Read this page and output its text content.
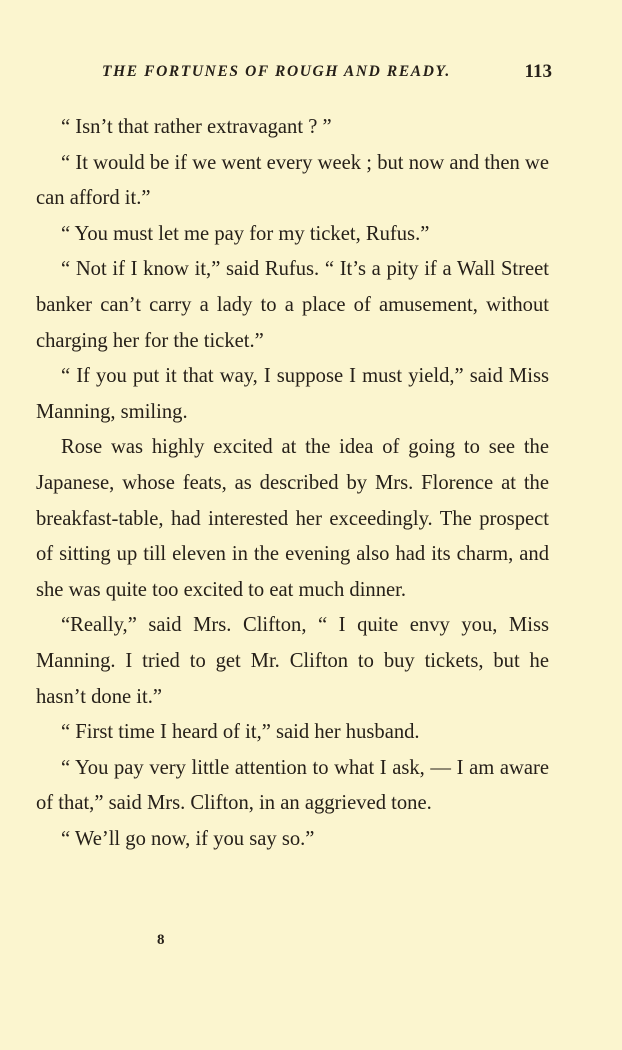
THE FORTUNES OF ROUGH AND READY.	113

“ Isn’t that rather extravagant ? ”

“ It would be if we went every week ; but now and then we can afford it.”

“ You must let me pay for my ticket, Rufus.”

“ Not if I know it,” said Rufus. “ It’s a pity if a Wall Street banker can’t carry a lady to a place of amusement, without charging her for the ticket.”

“ If you put it that way, I suppose I must yield,” said Miss Manning, smiling.

Rose was highly excited at the idea of going to see the Japanese, whose feats, as described by Mrs. Florence at the breakfast-table, had interested her exceedingly. The prospect of sitting up till eleven in the evening also had its charm, and she was quite too excited to eat much dinner.

“Really,” said Mrs. Clifton, “ I quite envy you, Miss Manning. I tried to get Mr. Clifton to buy tickets, but he hasn’t done it.”

“ First time I heard of it,” said her husband.

“ You pay very little attention to what I ask, — I am aware of that,” said Mrs. Clifton, in an aggrieved tone.

“ We’ll go now, if you say so.”

8
